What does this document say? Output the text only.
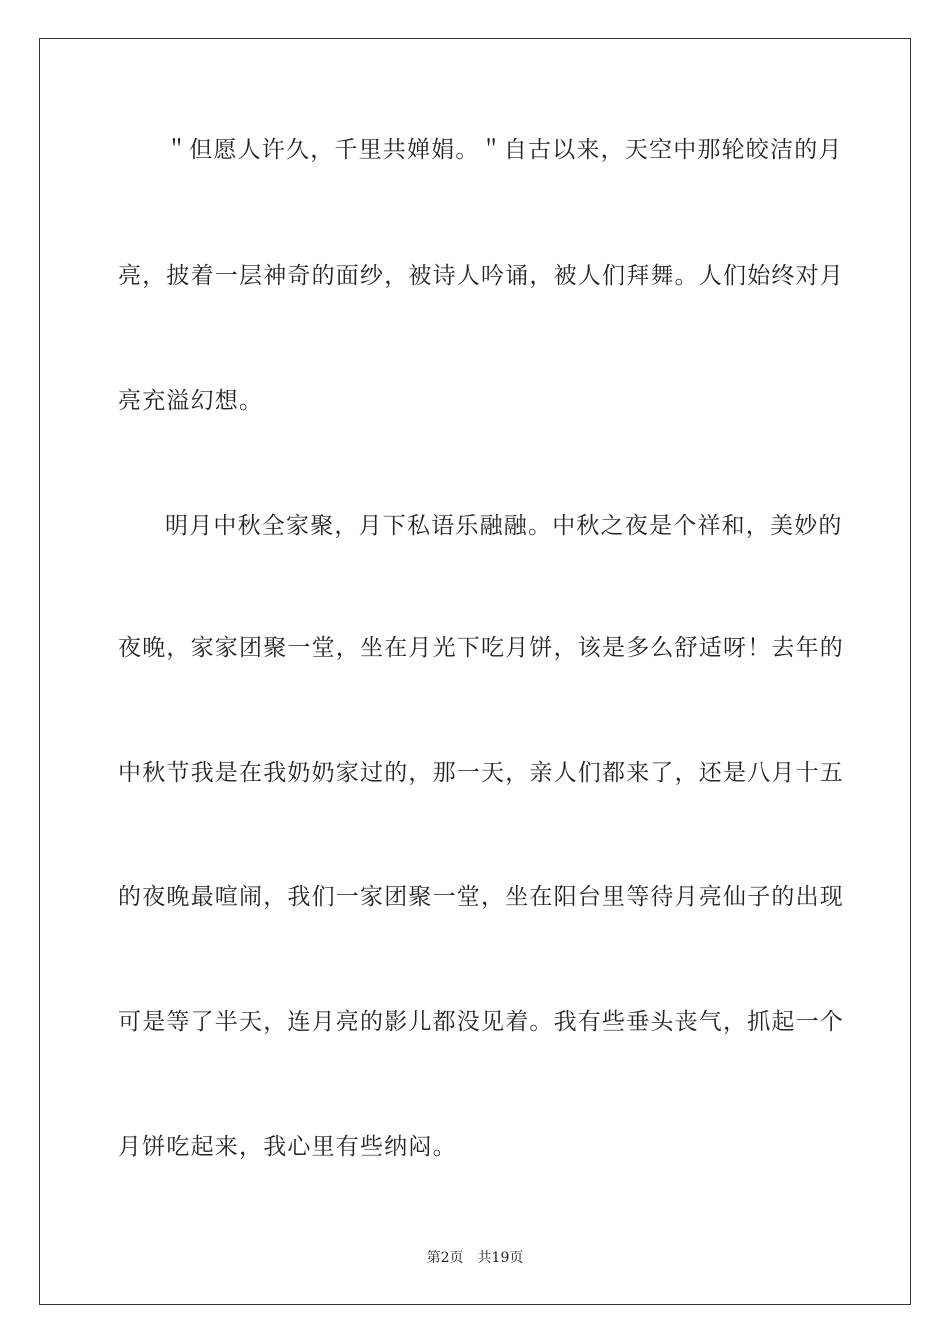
＂但愿人许久，千里共婵娟。＂自古以来，天空中那轮皎洁的月
亮，披着一层神奇的面纱，被诗人吟诵，被人们拜舞。人们始终对月
亮充溢幻想。
明月中秋全家聚，月下私语乐融融。中秋之夜是个祥和，美妙的
夜晚，家家团聚一堂，坐在月光下吃月饼，该是多么舒适呀！去年的
中秋节我是在我奶奶家过的，那一天，亲人们都来了，还是八月十五
的夜晚最喧闹，我们一家团聚一堂，坐在阳台里等待月亮仙子的出现
可是等了半天，连月亮的影儿都没见着。我有些垂头丧气，抓起一个
月饼吃起来，我心里有些纳闷。
第2页 共19页
